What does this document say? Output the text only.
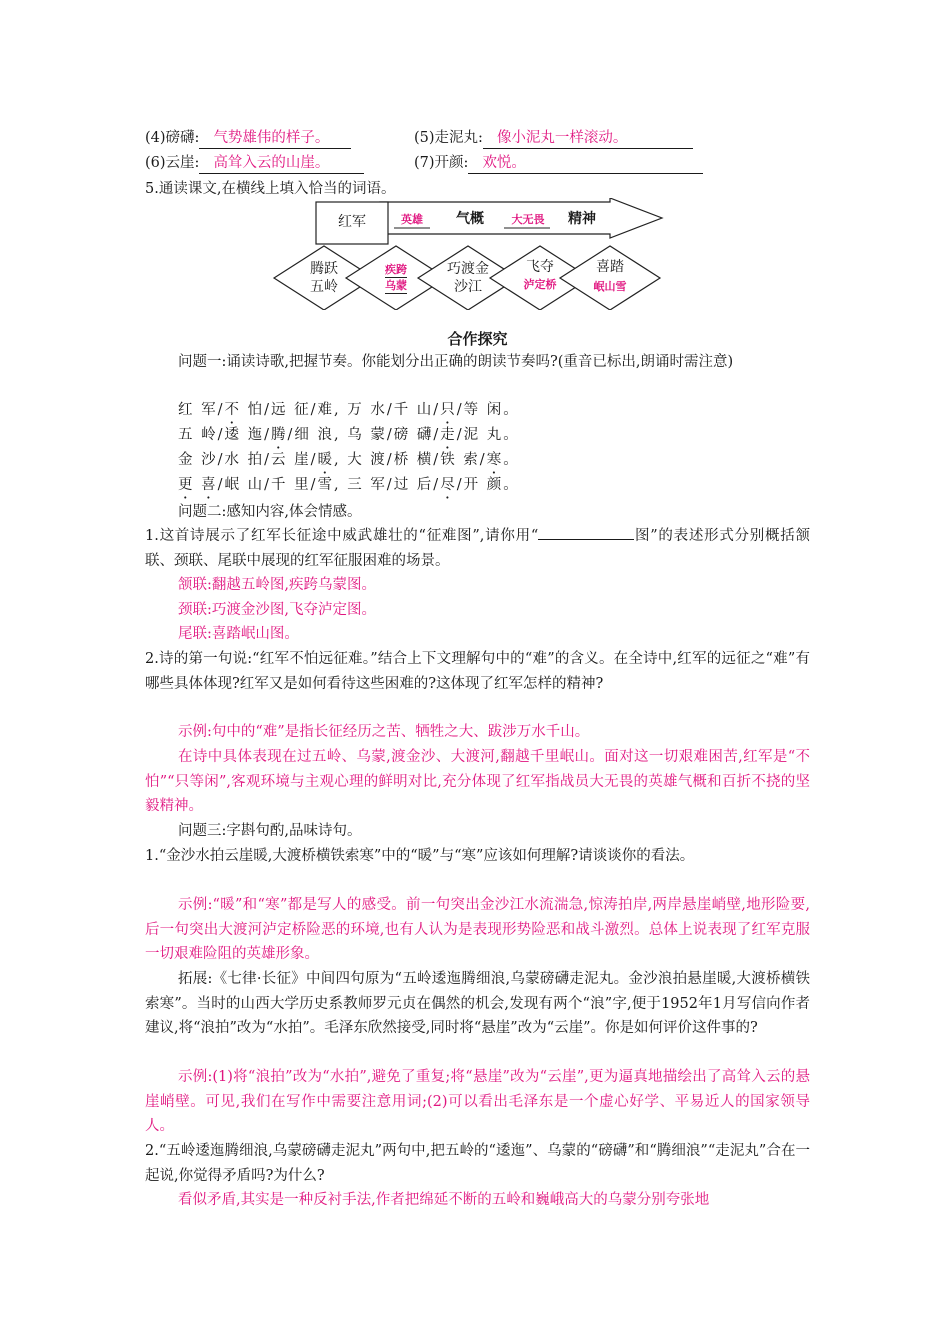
(4)磅礴: 气势雄伟的样子。	(5)走泥丸: 像小泥丸一样滚动。
(6)云崖: 高耸入云的山崖。	(7)开颜: 欢悦。
5.通读课文,在横线上填入恰当的词语。
红军	英雄	气概	大无畏	精神
腾跃
五岭
疾跨
乌蒙
巧渡金
沙江
飞夺
泸定桥
喜踏
岷山雪
合作探究
问题一:诵读诗歌,把握节奏。你能划分出正确的朗读节奏吗?(重音已标出,朗诵时需注意)
红 军/不 怕/远 征/难, 万 水/千 山/只/等 闲。
五 岭/逶 迤/腾/细 浪, 乌 蒙/磅 礴/走/泥 丸。
金 沙/水 拍/云 崖/暖, 大 渡/桥 横/铁 索/寒。
更 喜/岷 山/千 里/雪, 三 军/过 后/尽/开 颜。
问题二:感知内容,体会情感。
1.这首诗展示了红军长征途中威武雄壮的“征难图”,请你用“	图”的表述形式分别概括颔联、颈联、尾联中展现的红军征服困难的场景。
颔联:翻越五岭图,疾跨乌蒙图。
颈联:巧渡金沙图,飞夺泸定图。
尾联:喜踏岷山图。
2.诗的第一句说:“红军不怕远征难。”结合上下文理解句中的“难”的含义。在全诗中,红军的远征之“难”有哪些具体体现?红军又是如何看待这些困难的?这体现了红军怎样的精神?
示例:句中的“难”是指长征经历之苦、牺牲之大、跋涉万水千山。
在诗中具体表现在过五岭、乌蒙,渡金沙、大渡河,翻越千里岷山。面对这一切艰难困苦,红军是“不怕”“只等闲”,客观环境与主观心理的鲜明对比,充分体现了红军指战员大无畏的英雄气概和百折不挠的坚毅精神。
问题三:字斟句酌,品味诗句。
1.“金沙水拍云崖暖,大渡桥横铁索寒”中的“暖”与“寒”应该如何理解?请谈谈你的看法。
示例:“暖”和“寒”都是写人的感受。前一句突出金沙江水流湍急,惊涛拍岸,两岸悬崖峭壁,地形险要,后一句突出大渡河泸定桥险恶的环境,也有人认为是表现形势险恶和战斗激烈。总体上说表现了红军克服一切艰难险阻的英雄形象。
拓展:《七律·长征》中间四句原为“五岭逶迤腾细浪,乌蒙磅礴走泥丸。金沙浪拍悬崖暖,大渡桥横铁索寒”。当时的山西大学历史系教师罗元贞在偶然的机会,发现有两个“浪”字,便于1952年1月写信向作者建议,将“浪拍”改为“水拍”。毛泽东欣然接受,同时将“悬崖”改为“云崖”。你是如何评价这件事的?
示例:(1)将“浪拍”改为“水拍”,避免了重复;将“悬崖”改为“云崖”,更为逼真地描绘出了高耸入云的悬崖峭壁。可见,我们在写作中需要注意用词;(2)可以看出毛泽东是一个虚心好学、平易近人的国家领导人。
2.“五岭逶迤腾细浪,乌蒙磅礴走泥丸”两句中,把五岭的“逶迤”、乌蒙的“磅礴”和“腾细浪”“走泥丸”合在一起说,你觉得矛盾吗?为什么?
看似矛盾,其实是一种反衬手法,作者把绵延不断的五岭和巍峨高大的乌蒙分别夸张地
